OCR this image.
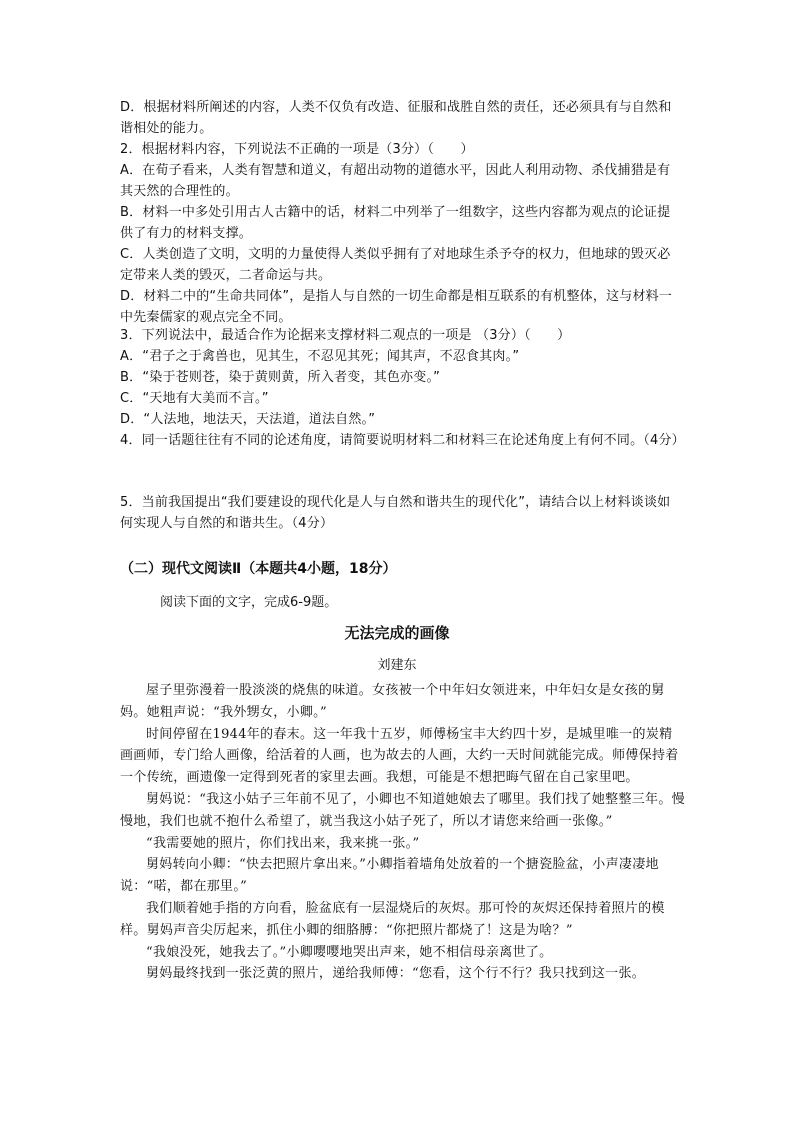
D．根据材料所阐述的内容，人类不仅负有改造、征服和战胜自然的责任，还必须具有与自然和谐相处的能力。
2．根据材料内容，下列说法不正确的一项是（3分）（　　）
A．在荀子看来，人类有智慧和道义，有超出动物的道德水平，因此人利用动物、杀伐捕猎是有其天然的合理性的。
B．材料一中多处引用古人古籍中的话，材料二中列举了一组数字，这些内容都为观点的论证提供了有力的材料支撑。
C．人类创造了文明，文明的力量使得人类似乎拥有了对地球生杀予夺的权力，但地球的毁灭必定带来人类的毁灭，二者命运与共。
D．材料二中的“生命共同体”，是指人与自然的一切生命都是相互联系的有机整体，这与材料一中先秦儒家的观点完全不同。
3．下列说法中，最适合作为论据来支撑材料二观点的一项是 （3分）（　　）
A．“君子之于禽兽也，见其生，不忍见其死；闻其声，不忍食其肉。”
B．“染于苍则苍，染于黄则黄，所入者变，其色亦变。”
C．“天地有大美而不言。”
D．“人法地，地法天，天法道，道法自然。”
4．同一话题往往有不同的论述角度，请简要说明材料二和材料三在论述角度上有何不同。（4分）
5．当前我国提出“我们要建设的现代化是人与自然和谐共生的现代化”，请结合以上材料谈谈如何实现人与自然的和谐共生。（4分）
（二）现代文阅读Ⅱ（本题共4小题，18分）
阅读下面的文字，完成6-9题。
无法完成的画像
刘建东

屋子里弥漫着一股淡淡的烧焦的味道。女孩被一个中年妇女领进来，中年妇女是女孩的舅妈。她粗声说：“我外甥女，小卿。”

时间停留在1944年的春末。这一年我十五岁，师傅杨宝丰大约四十岁，是城里唯一的炭精画画师，专门给人画像，给活着的人画，也为故去的人画，大约一天时间就能完成。师傅保持着一个传统，画遗像一定得到死者的家里去画。我想，可能是不想把晦气留在自己家里吧。

舅妈说：“我这小姑子三年前不见了，小卿也不知道她娘去了哪里。我们找了她整整三年。慢慢地，我们也就不抱什么希望了，就当我这小姑子死了，所以才请您来给画一张像。”

“我需要她的照片，你们找出来，我来挑一张。”

舅妈转向小卿：“快去把照片拿出来。”小卿指着墙角处放着的一个搪瓷脸盆，小声凄凄地说：“喏，都在那里。”

我们顺着她手指的方向看，脸盆底有一层湿烧后的灰烬。那可怜的灰烬还保持着照片的模样。舅妈声音尖厉起来，抓住小卿的细胳膊：“你把照片都烧了！这是为啥？”

“我娘没死，她我去了。”小卿嘤嘤地哭出声来，她不相信母亲离世了。

舅妈最终找到一张泛黄的照片，递给我师傅：“您看，这个行不行？我只找到这一张。
